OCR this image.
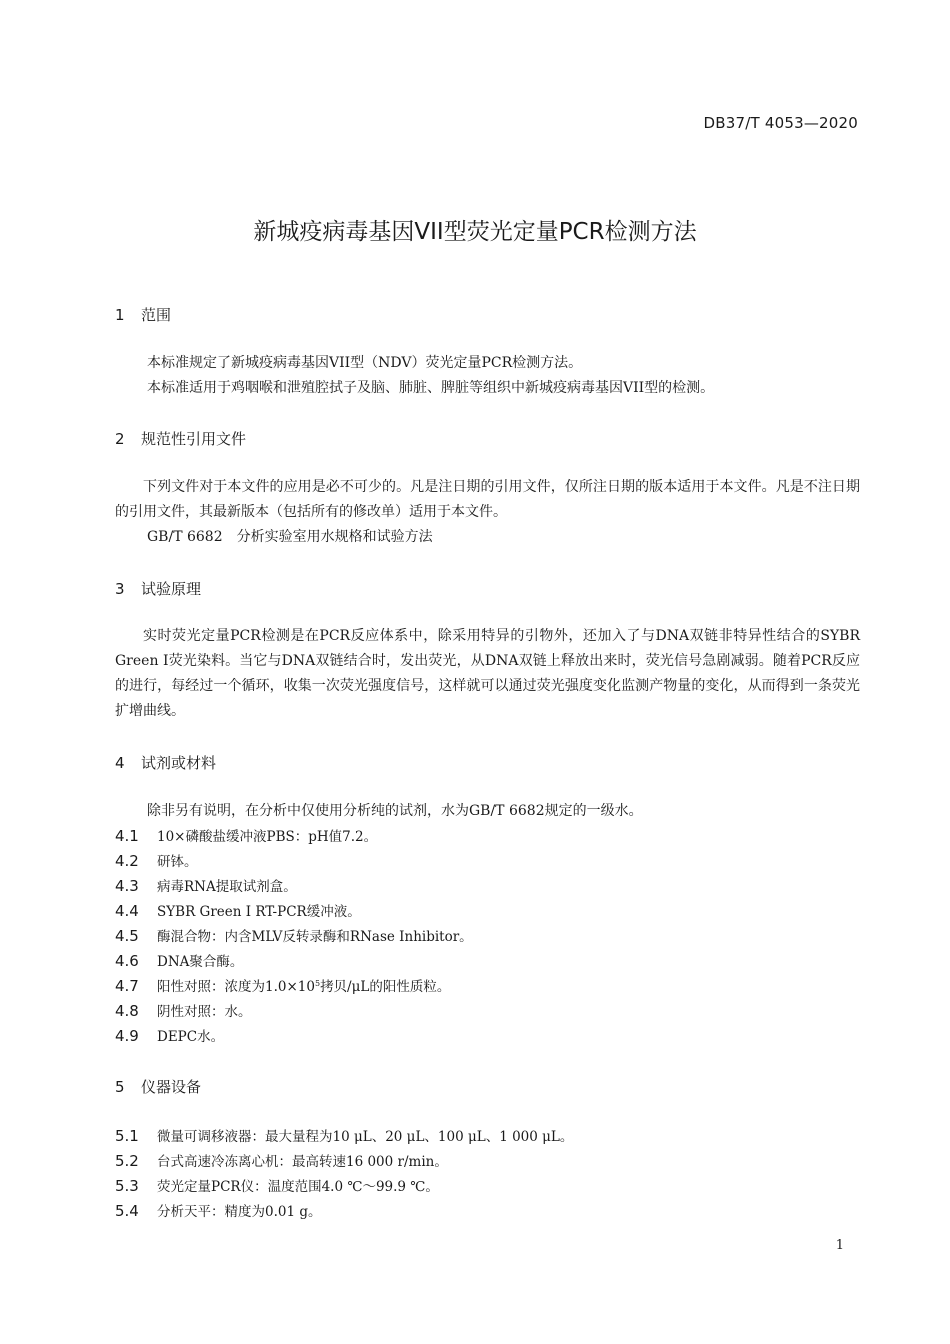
DB37/T 4053—2020
新城疫病毒基因VII型荧光定量PCR检测方法
1 范围
本标准规定了新城疫病毒基因VII型（NDV）荧光定量PCR检测方法。
本标准适用于鸡咽喉和泄殖腔拭子及脑、肺脏、脾脏等组织中新城疫病毒基因VII型的检测。
2 规范性引用文件
下列文件对于本文件的应用是必不可少的。凡是注日期的引用文件，仅所注日期的版本适用于本文件。凡是不注日期的引用文件，其最新版本（包括所有的修改单）适用于本文件。
GB/T 6682　分析实验室用水规格和试验方法
3 试验原理
实时荧光定量PCR检测是在PCR反应体系中，除采用特异的引物外，还加入了与DNA双链非特异性结合的SYBR Green I荧光染料。当它与DNA双链结合时，发出荧光，从DNA双链上释放出来时，荧光信号急剧减弱。随着PCR反应的进行，每经过一个循环，收集一次荧光强度信号，这样就可以通过荧光强度变化监测产物量的变化，从而得到一条荧光扩增曲线。
4 试剂或材料
除非另有说明，在分析中仅使用分析纯的试剂，水为GB/T 6682规定的一级水。
4.1 10×磷酸盐缓冲液PBS：pH值7.2。
4.2 研钵。
4.3 病毒RNA提取试剂盒。
4.4 SYBR Green I RT-PCR缓冲液。
4.5 酶混合物：内含MLV反转录酶和RNase Inhibitor。
4.6 DNA聚合酶。
4.7 阳性对照：浓度为$1.0\times 10^5$拷贝/μL的阳性质粒。
4.8 阴性对照：水。
4.9 DEPC水。
5 仪器设备
5.1 微量可调移液器：最大量程为10 μL、20 μL、100 μL、1 000 μL。
5.2 台式高速冷冻离心机：最高转速16 000 r/min。
5.3 荧光定量PCR仪：温度范围4.0 ℃～99.9 ℃。
5.4 分析天平：精度为0.01 g。
1
